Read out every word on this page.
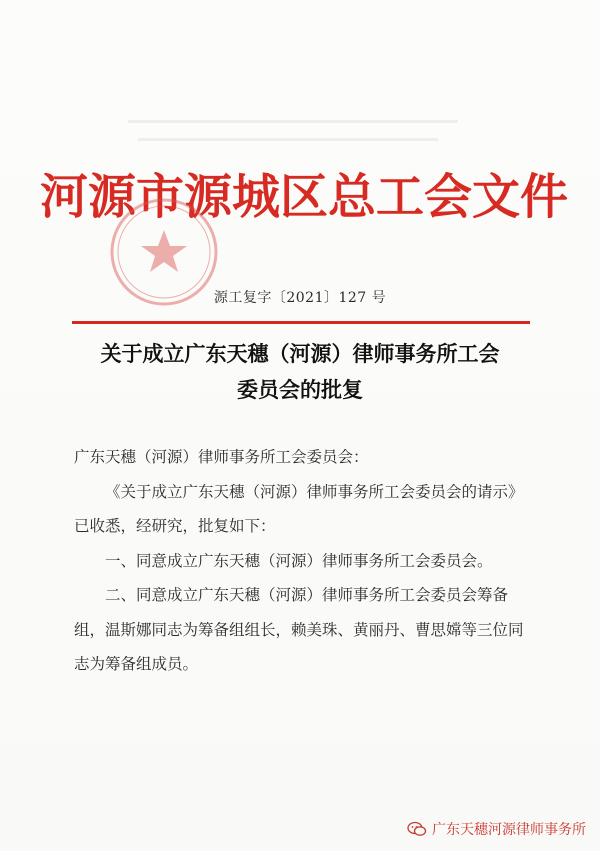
河源市源城区总工会文件
源工复字〔2021〕127 号
关于成立广东天穗（河源）律师事务所工会
委员会的批复

广东天穗（河源）律师事务所工会委员会：

《关于成立广东天穗（河源）律师事务所工会委员会的请示》已收悉，经研究，批复如下：

一、同意成立广东天穗（河源）律师事务所工会委员会。

二、同意成立广东天穗（河源）律师事务所工会委员会筹备组，温斯娜同志为筹备组组长，赖美珠、黄丽丹、曹思嫦等三位同志为筹备组成员。

广东天穗河源律师事务所
